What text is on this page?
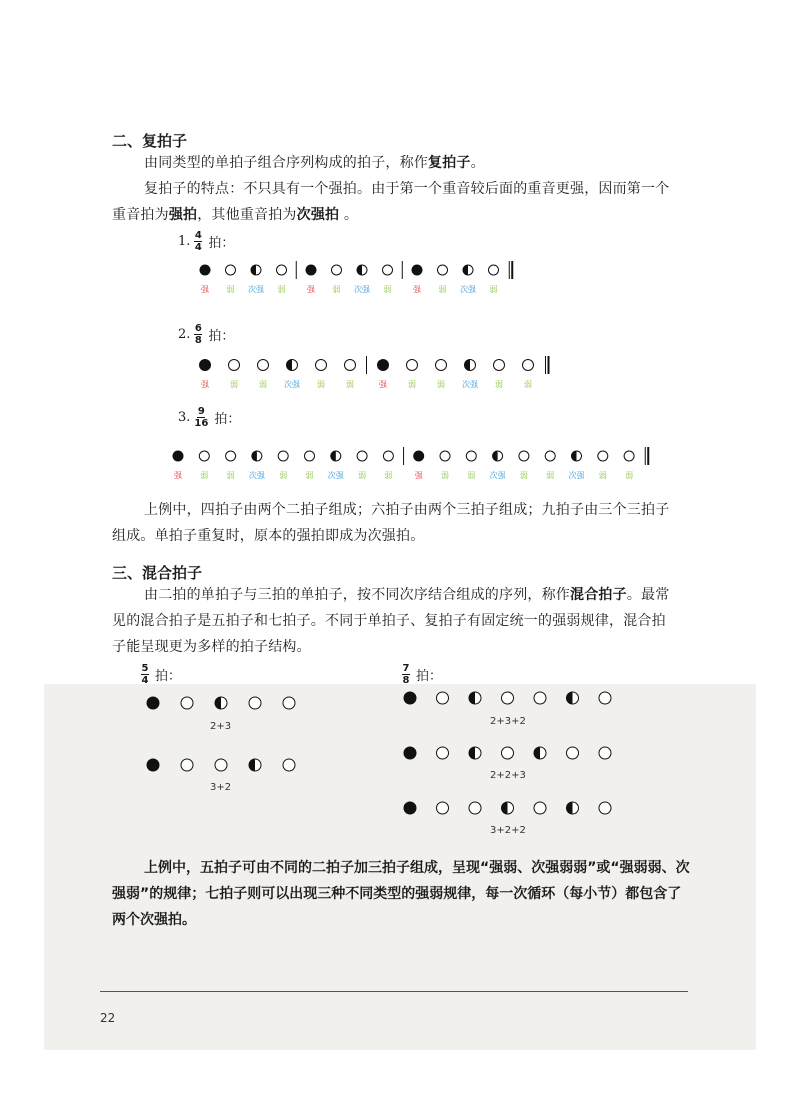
二、复拍子
由同类型的单拍子组合序列构成的拍子，称作复拍子。
复拍子的特点：不只具有一个强拍。由于第一个重音较后面的重音更强，因而第一个重音拍为强拍，其他重音拍为次强拍 。
1. $\frac{4}{4}$ 拍：
强 弱 次强 弱	强 弱 次强 弱	强 弱 次强 弱
2. $\frac{6}{8}$ 拍：
强	弱	弱 次强 弱	弱	强	弱	弱 次强 弱	弱
3. $\frac{9}{16}$ 拍：
强 弱 弱 次强 弱 弱 次强 弱 弱	强 弱 弱 次强 弱 弱 次强 弱 弱
上例中，四拍子由两个二拍子组成；六拍子由两个三拍子组成；九拍子由三个三拍子组成。单拍子重复时，原本的强拍即成为次强拍。
三、混合拍子
由二拍的单拍子与三拍的单拍子，按不同次序结合组成的序列，称作混合拍子。最常见的混合拍子是五拍子和七拍子。不同于单拍子、复拍子有固定统一的强弱规律，混合拍子能呈现更为多样的拍子结构。
$\frac{5}{4}$ 拍：
2+3
3+2
$\frac{7}{8}$ 拍：
2+3+2
2+2+3
3+2+2
上例中，五拍子可由不同的二拍子加三拍子组成，呈现“强弱、次强弱弱”或“强弱弱、次强弱”的规律；七拍子则可以出现三种不同类型的强弱规律，每一次循环（每小节）都包含了两个次强拍。
22
